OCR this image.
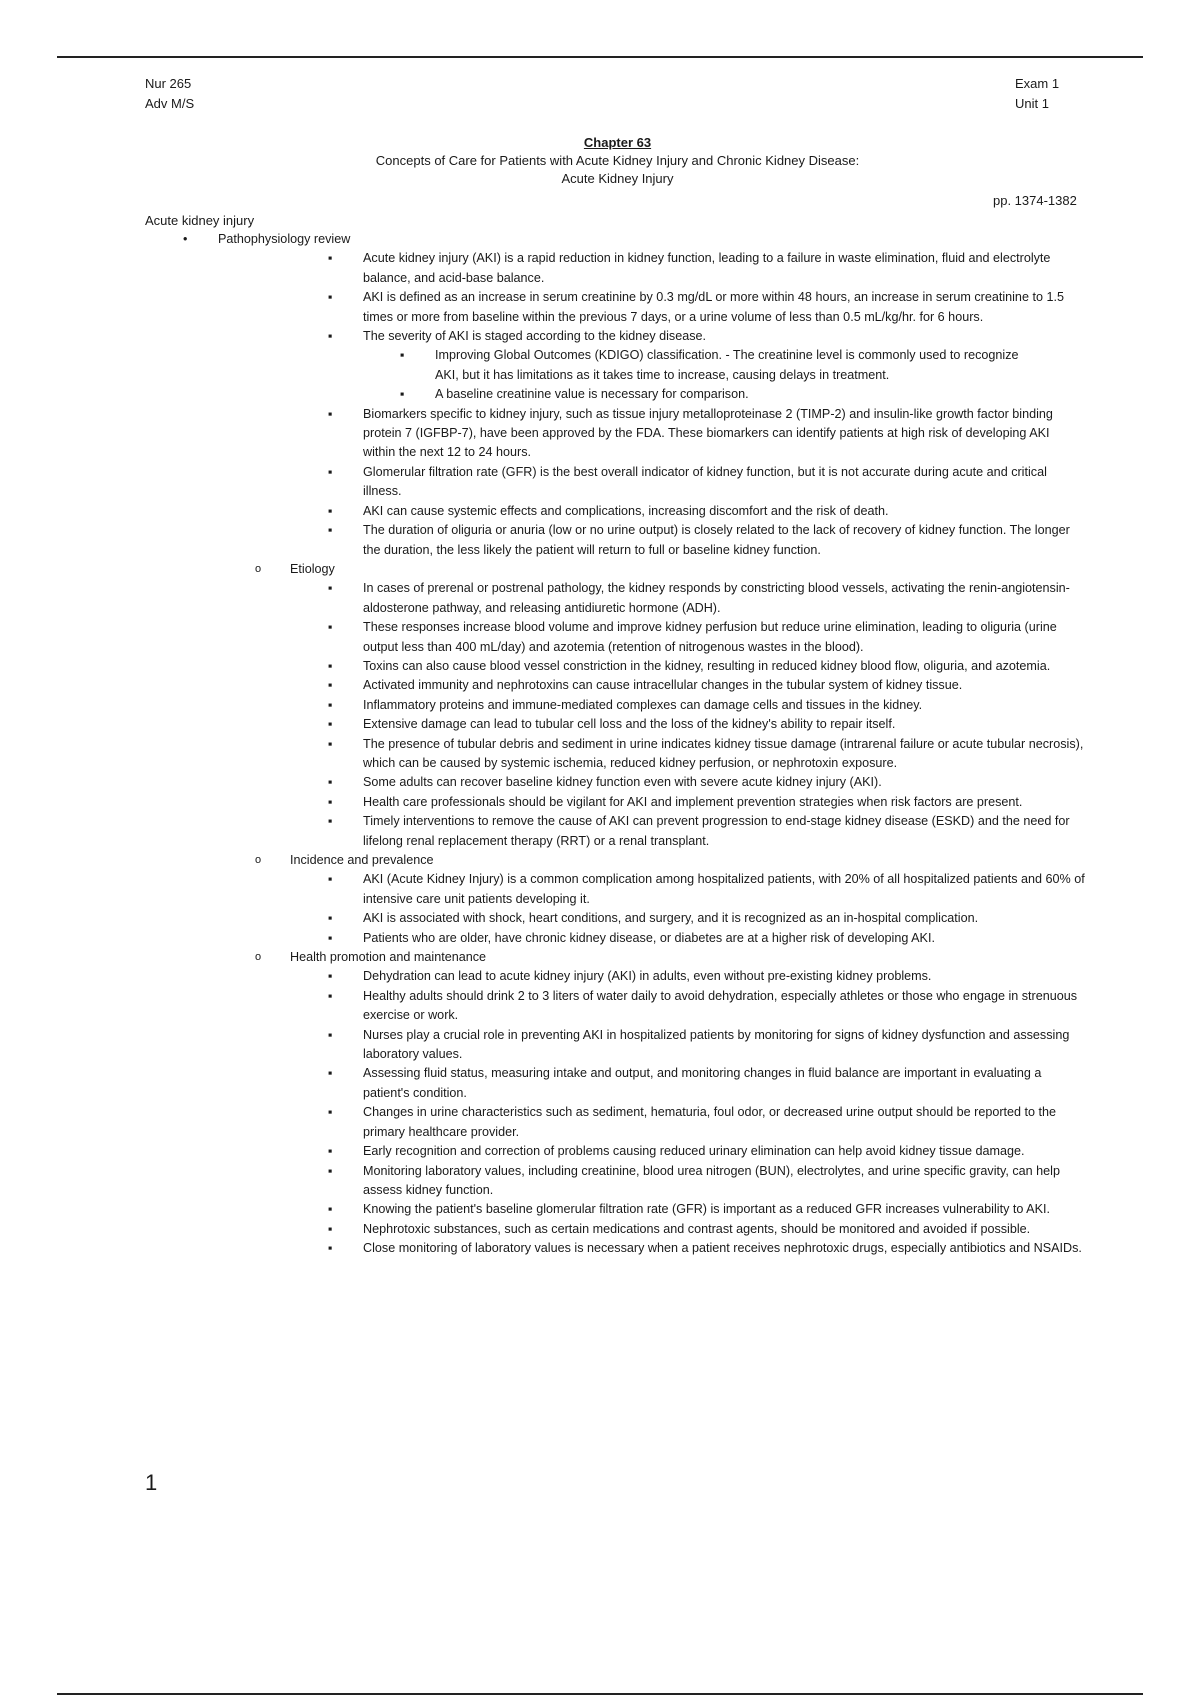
Nur 265
Adv M/S
Exam 1
Unit 1
Chapter 63
Concepts of Care for Patients with Acute Kidney Injury and Chronic Kidney Disease:
Acute Kidney Injury
pp. 1374-1382
Acute kidney injury
• Pathophysiology review
▪ Acute kidney injury (AKI) is a rapid reduction in kidney function, leading to a failure in waste elimination, fluid and electrolyte balance, and acid-base balance.
▪ AKI is defined as an increase in serum creatinine by 0.3 mg/dL or more within 48 hours, an increase in serum creatinine to 1.5 times or more from baseline within the previous 7 days, or a urine volume of less than 0.5 mL/kg/hr. for 6 hours.
▪ The severity of AKI is staged according to the kidney disease.
▪ Improving Global Outcomes (KDIGO) classification. - The creatinine level is commonly used to recognize AKI, but it has limitations as it takes time to increase, causing delays in treatment.
▪ A baseline creatinine value is necessary for comparison.
▪ Biomarkers specific to kidney injury, such as tissue injury metalloproteinase 2 (TIMP-2) and insulin-like growth factor binding protein 7 (IGFBP-7), have been approved by the FDA. These biomarkers can identify patients at high risk of developing AKI within the next 12 to 24 hours.
▪ Glomerular filtration rate (GFR) is the best overall indicator of kidney function, but it is not accurate during acute and critical illness.
▪ AKI can cause systemic effects and complications, increasing discomfort and the risk of death.
▪ The duration of oliguria or anuria (low or no urine output) is closely related to the lack of recovery of kidney function. The longer the duration, the less likely the patient will return to full or baseline kidney function.
o Etiology
▪ In cases of prerenal or postrenal pathology, the kidney responds by constricting blood vessels, activating the renin-angiotensin-aldosterone pathway, and releasing antidiuretic hormone (ADH).
▪ These responses increase blood volume and improve kidney perfusion but reduce urine elimination, leading to oliguria (urine output less than 400 mL/day) and azotemia (retention of nitrogenous wastes in the blood).
▪ Toxins can also cause blood vessel constriction in the kidney, resulting in reduced kidney blood flow, oliguria, and azotemia.
▪ Activated immunity and nephrotoxins can cause intracellular changes in the tubular system of kidney tissue.
▪ Inflammatory proteins and immune-mediated complexes can damage cells and tissues in the kidney.
▪ Extensive damage can lead to tubular cell loss and the loss of the kidney's ability to repair itself.
▪ The presence of tubular debris and sediment in urine indicates kidney tissue damage (intrarenal failure or acute tubular necrosis), which can be caused by systemic ischemia, reduced kidney perfusion, or nephrotoxin exposure.
▪ Some adults can recover baseline kidney function even with severe acute kidney injury (AKI).
▪ Health care professionals should be vigilant for AKI and implement prevention strategies when risk factors are present.
▪ Timely interventions to remove the cause of AKI can prevent progression to end-stage kidney disease (ESKD) and the need for lifelong renal replacement therapy (RRT) or a renal transplant.
o Incidence and prevalence
▪ AKI (Acute Kidney Injury) is a common complication among hospitalized patients, with 20% of all hospitalized patients and 60% of intensive care unit patients developing it.
▪ AKI is associated with shock, heart conditions, and surgery, and it is recognized as an in-hospital complication.
▪ Patients who are older, have chronic kidney disease, or diabetes are at a higher risk of developing AKI.
o Health promotion and maintenance
▪ Dehydration can lead to acute kidney injury (AKI) in adults, even without pre-existing kidney problems.
▪ Healthy adults should drink 2 to 3 liters of water daily to avoid dehydration, especially athletes or those who engage in strenuous exercise or work.
▪ Nurses play a crucial role in preventing AKI in hospitalized patients by monitoring for signs of kidney dysfunction and assessing laboratory values.
▪ Assessing fluid status, measuring intake and output, and monitoring changes in fluid balance are important in evaluating a patient's condition.
▪ Changes in urine characteristics such as sediment, hematuria, foul odor, or decreased urine output should be reported to the primary healthcare provider.
▪ Early recognition and correction of problems causing reduced urinary elimination can help avoid kidney tissue damage.
▪ Monitoring laboratory values, including creatinine, blood urea nitrogen (BUN), electrolytes, and urine specific gravity, can help assess kidney function.
▪ Knowing the patient's baseline glomerular filtration rate (GFR) is important as a reduced GFR increases vulnerability to AKI.
▪ Nephrotoxic substances, such as certain medications and contrast agents, should be monitored and avoided if possible.
▪ Close monitoring of laboratory values is necessary when a patient receives nephrotoxic drugs, especially antibiotics and NSAIDs.
1
